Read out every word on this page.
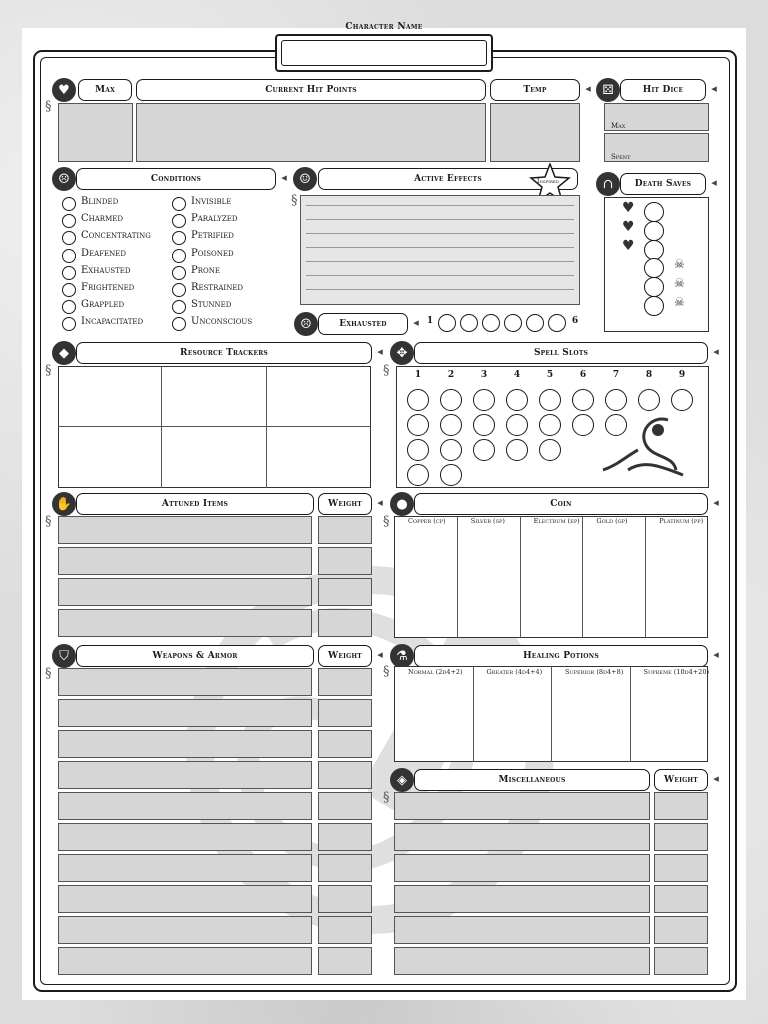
Character Name
♥	Max	Current Hit Points	Temp ◂	⚄	Hit Dice ◂
Max
Spent
☹	Conditions ◂	☺	Active Effects	Inspired
☹	Exhausted ◂	1	6
∩	Death Saves ◂
◆	Resource Trackers ◂	✥	Spell Slots ◂
✋	Attuned Items	Weight ◂	●	Coin ◂
⛉	Weapons & Armor	Weight ◂	⚗	Healing Potions ◂
◈	Miscellaneous	Weight ◂
§
§
§	§
§	§
§	§
§
Blinded
Charmed
Concentrating
Deafened
Exhausted
Frightened
Grappled
Incapacitated
Invisible
Paralyzed
Petrified
Poisoned
Prone
Restrained
Stunned
Unconscious
♥
♥
♥
☠
☠
☠
1	2	3	4	5	6	7	8	9
Copper (cp)	Silver (sp)	Electrum (ep)	Gold (gp)	Platinum (pp)
Normal (2d4+2)	Greater (4d4+4)	Superior (8d4+8)	Supreme (10d4+20)
